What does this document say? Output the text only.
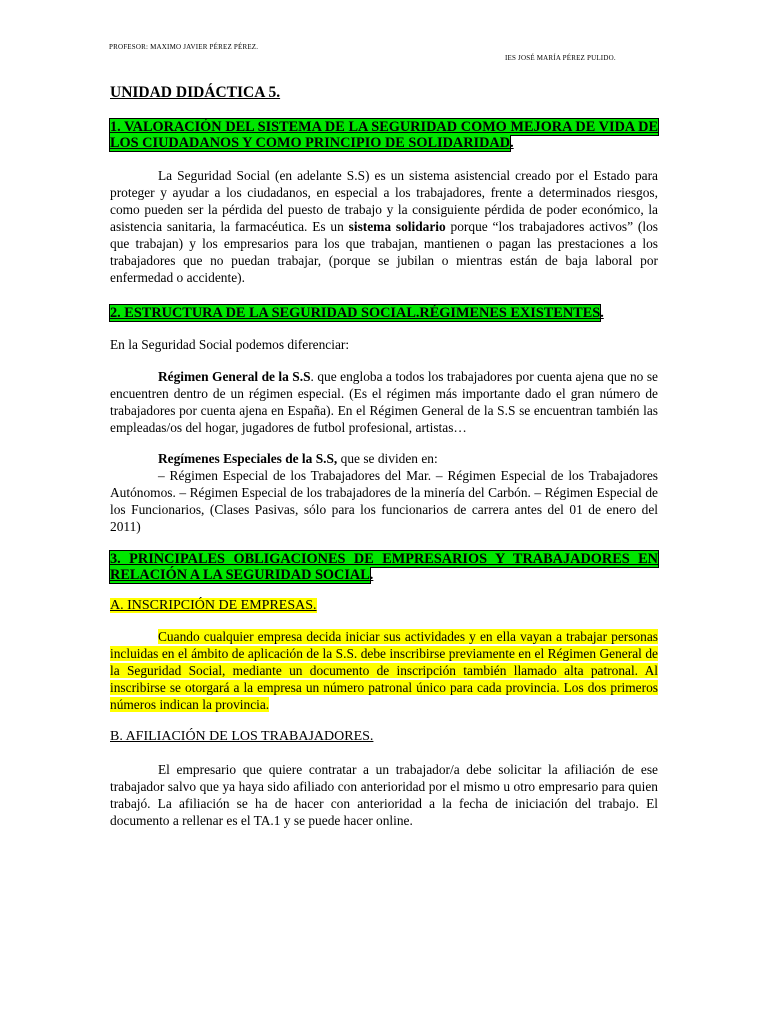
PROFESOR: MAXIMO JAVIER PÉREZ PÉREZ.
IES JOSÉ MARÍA PÉREZ PULIDO.
UNIDAD DIDÁCTICA 5.
1. VALORACIÓN DEL SISTEMA DE LA SEGURIDAD COMO MEJORA DE VIDA DE LOS CIUDADANOS Y COMO PRINCIPIO DE SOLIDARIDAD.

La Seguridad Social (en adelante S.S) es un sistema asistencial creado por el Estado para proteger y ayudar a los ciudadanos, en especial a los trabajadores, frente a determinados riesgos, como pueden ser la pérdida del puesto de trabajo y la consiguiente pérdida de poder económico, la asistencia sanitaria, la farmacéutica. Es un sistema solidario porque “los trabajadores activos” (los que trabajan) y los empresarios para los que trabajan, mantienen o pagan las prestaciones a los trabajadores que no puedan trabajar, (porque se jubilan o mientras están de baja laboral por enfermedad o accidente).

2. ESTRUCTURA DE LA SEGURIDAD SOCIAL.RÉGIMENES EXISTENTES.

En la Seguridad Social podemos diferenciar:

Régimen General de la S.S. que engloba a todos los trabajadores por cuenta ajena que no se encuentren dentro de un régimen especial. (Es el régimen más importante dado el gran número de trabajadores por cuenta ajena en España). En el Régimen General de la S.S se encuentran también las empleadas/os del hogar, jugadores de futbol profesional, artistas…

Regímenes Especiales de la S.S, que se dividen en:

– Régimen Especial de los Trabajadores del Mar. – Régimen Especial de los Trabajadores Autónomos. – Régimen Especial de los trabajadores de la minería del Carbón. – Régimen Especial de los Funcionarios, (Clases Pasivas, sólo para los funcionarios de carrera antes del 01 de enero del 2011)

3. PRINCIPALES OBLIGACIONES DE EMPRESARIOS Y TRABAJADORES EN RELACIÓN A LA SEGURIDAD SOCIAL.
A. INSCRIPCIÓN DE EMPRESAS.

Cuando cualquier empresa decida iniciar sus actividades y en ella vayan a trabajar personas incluidas en el ámbito de aplicación de la S.S. debe inscribirse previamente en el Régimen General de la Seguridad Social, mediante un documento de inscripción también llamado alta patronal. Al inscribirse se otorgará a la empresa un número patronal único para cada provincia. Los dos primeros números indican la provincia.

B. AFILIACIÓN DE LOS TRABAJADORES.

El empresario que quiere contratar a un trabajador/a debe solicitar la afiliación de ese trabajador salvo que ya haya sido afiliado con anterioridad por el mismo u otro empresario para quien trabajó. La afiliación se ha de hacer con anterioridad a la fecha de iniciación del trabajo. El documento a rellenar es el TA.1 y se puede hacer online.
